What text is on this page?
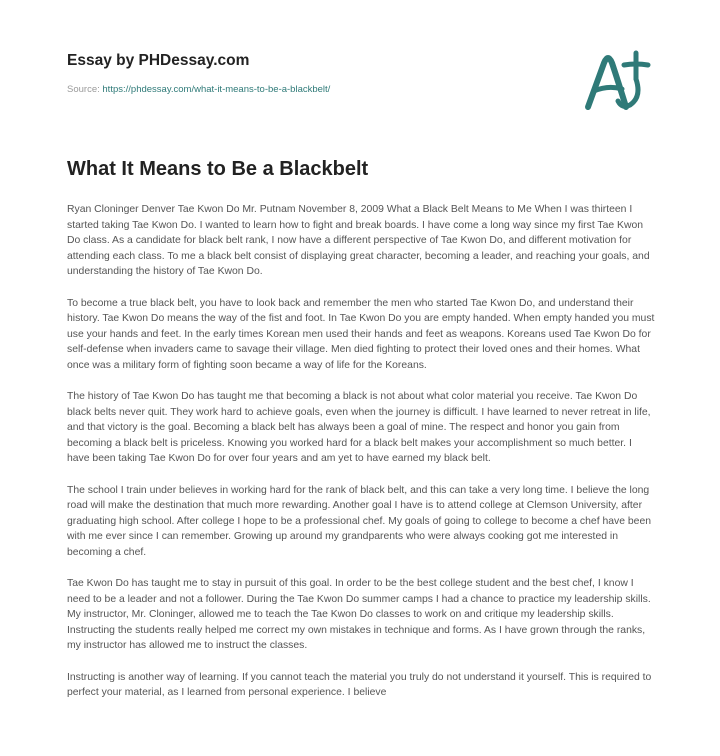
Essay by PHDessay.com
Source: https://phdessay.com/what-it-means-to-be-a-blackbelt/
What It Means to Be a Blackbelt

Ryan Cloninger Denver Tae Kwon Do Mr. Putnam November 8, 2009 What a Black Belt Means to Me When I was thirteen I started taking Tae Kwon Do. I wanted to learn how to fight and break boards. I have come a long way since my first Tae Kwon Do class. As a candidate for black belt rank, I now have a different perspective of Tae Kwon Do, and different motivation for attending each class. To me a black belt consist of displaying great character, becoming a leader, and reaching your goals, and understanding the history of Tae Kwon Do.

To become a true black belt, you have to look back and remember the men who started Tae Kwon Do, and understand their history. Tae Kwon Do means the way of the fist and foot. In Tae Kwon Do you are empty handed. When empty handed you must use your hands and feet. In the early times Korean men used their hands and feet as weapons. Koreans used Tae Kwon Do for self-defense when invaders came to savage their village. Men died fighting to protect their loved ones and their homes. What once was a military form of fighting soon became a way of life for the Koreans.

The history of Tae Kwon Do has taught me that becoming a black is not about what color material you receive. Tae Kwon Do black belts never quit. They work hard to achieve goals, even when the journey is difficult. I have learned to never retreat in life, and that victory is the goal. Becoming a black belt has always been a goal of mine. The respect and honor you gain from becoming a black belt is priceless. Knowing you worked hard for a black belt makes your accomplishment so much better. I have been taking Tae Kwon Do for over four years and am yet to have earned my black belt.

The school I train under believes in working hard for the rank of black belt, and this can take a very long time. I believe the long road will make the destination that much more rewarding. Another goal I have is to attend college at Clemson University, after graduating high school. After college I hope to be a professional chef. My goals of going to college to become a chef have been with me ever since I can remember. Growing up around my grandparents who were always cooking got me interested in becoming a chef.

Tae Kwon Do has taught me to stay in pursuit of this goal. In order to be the best college student and the best chef, I know I need to be a leader and not a follower. During the Tae Kwon Do summer camps I had a chance to practice my leadership skills. My instructor, Mr. Cloninger, allowed me to teach the Tae Kwon Do classes to work on and critique my leadership skills. Instructing the students really helped me correct my own mistakes in technique and forms. As I have grown through the ranks, my instructor has allowed me to instruct the classes.

Instructing is another way of learning. If you cannot teach the material you truly do not understand it yourself. This is required to perfect your material, as I learned from personal experience. I believe
